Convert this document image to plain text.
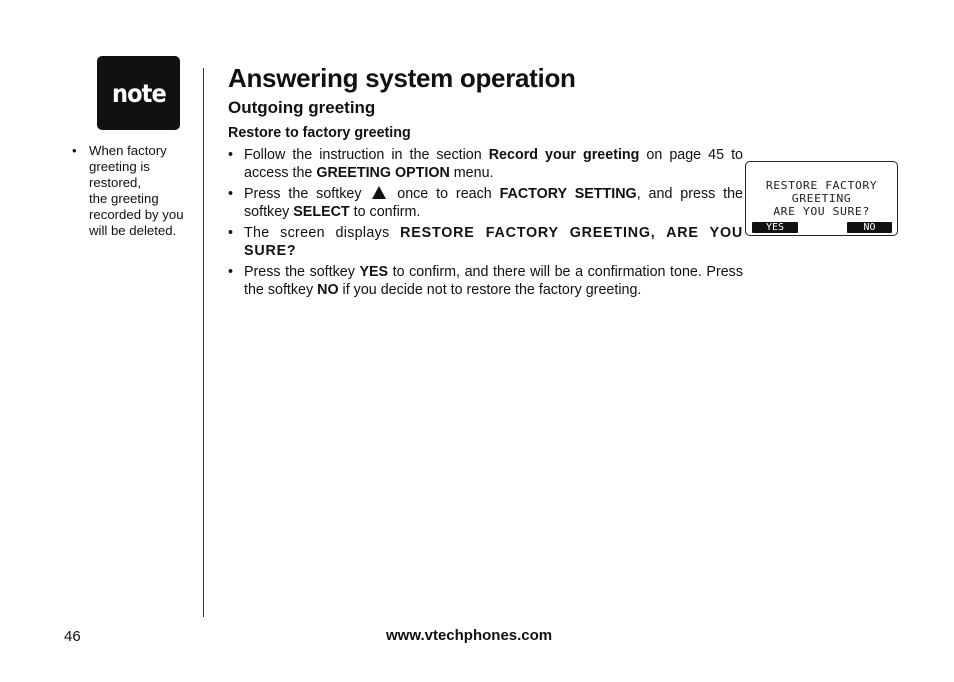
note
• When factory
greeting is
restored,
the greeting
recorded by you
will be deleted.
Answering system operation
Outgoing greeting
Restore to factory greeting
• Follow the instruction in the section Record your greeting on page 45 to access the GREETING OPTION menu.
• Press the softkey  once to reach FACTORY SETTING, and press the softkey SELECT to confirm.
• The screen displays RESTORE FACTORY GREETING, ARE YOU SURE?
• Press the softkey YES to confirm, and there will be a confirmation tone. Press the softkey NO if you decide not to restore the factory greeting.
RESTORE FACTORY
GREETING
ARE YOU SURE?
YES	NO
46	www.vtechphones.com
